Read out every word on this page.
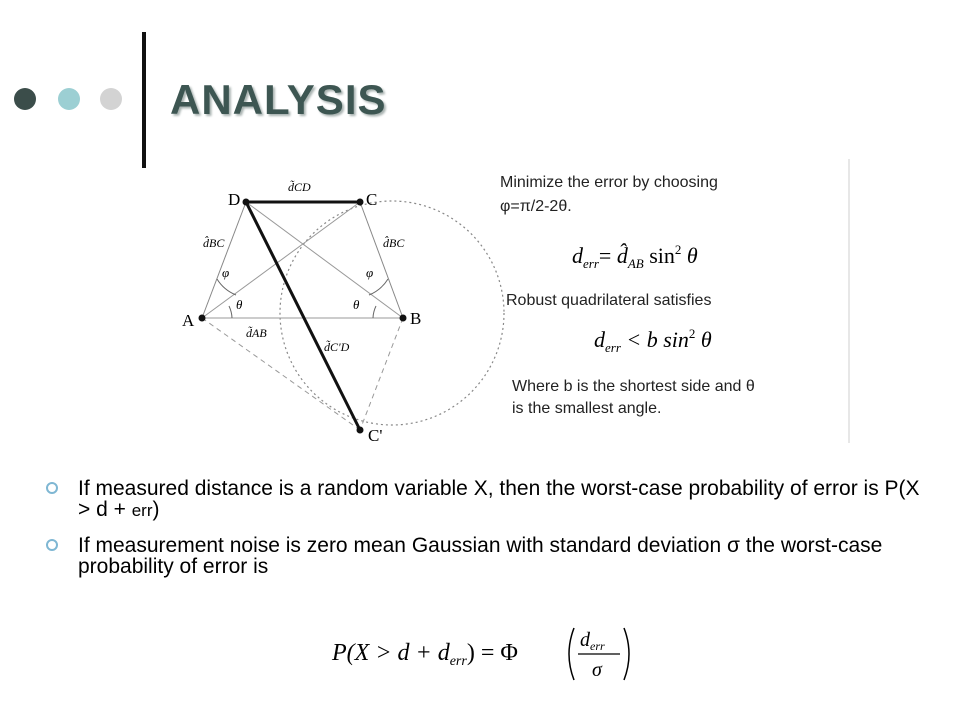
ANALYSIS
D	C
A	B
C'
d̃CD
d̂BC	d̂BC
d̃AB
d̃C'D
φ	φ
θ	θ
Minimize the error by choosing
φ=π/2-2θ.
$d_{err}=$ $d̂_{AB}$ $\sin^2 \theta$
Robust quadrilateral satisfies
$d_{err} < b$ $\sin^2 \theta$
Where b is the shortest side and θ
is the smallest angle.
If measured distance is a random variable X, then the worst-case probability of error is P(X > d + err)
If measurement noise is zero mean Gaussian with standard deviation σ the worst-case probability of error is
$P(X > d + d_{err}) = \Phi$	$d_{err}$
σ
